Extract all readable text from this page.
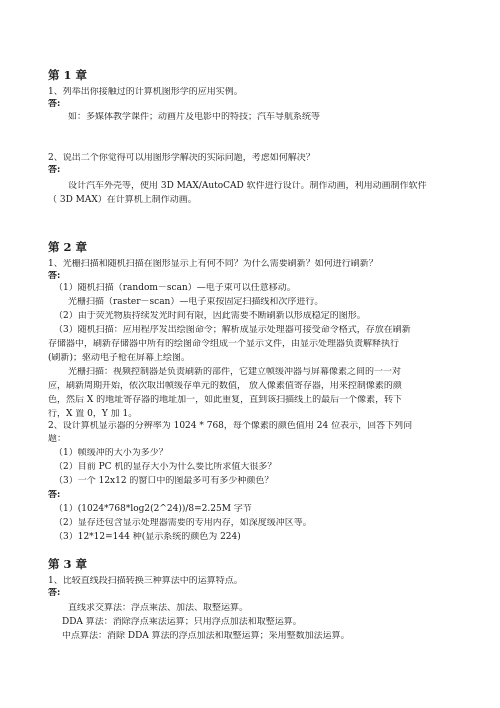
第 1 章
1、列举出你接触过的计算机图形学的应用实例。
答:
如：多媒体教学课件；动画片及电影中的特技；汽车导航系统等
2、说出二个你觉得可以用图形学解决的实际问题，考虑如何解决？
答:
设计汽车外壳等，使用 3D MAX/AutoCAD 软件进行设计。制作动画，利用动画制作软件
（ 3D MAX）在计算机上制作动画。
第 2 章
1、光栅扫描和随机扫描在图形显示上有何不同？为什么需要刷新？如何进行刷新？
答:
（1）随机扫描（random－scan）—电子束可以任意移动。
光栅扫描（raster－scan）—电子束按固定扫描线和次序进行。
（2）由于荧光物质持续发光时间有限，因此需要不断刷新以形成稳定的图形。
（3）随机扫描：应用程序发出绘图命令；解析成显示处理器可接受命令格式，存放在刷新
存储器中，刷新存储器中所有的绘图命令组成一个显示文件，由显示处理器负责解释执行
(刷新)；驱动电子枪在屏幕上绘图。
光栅扫描：视频控制器是负责刷新的部件，它建立帧缓冲器与屏幕像素之间的一一对
应，刷新周期开始，依次取出帧缓存单元的数值， 放入像素值寄存器，用来控制像素的颜
色，然后 X 的地址寄存器的地址加一，如此重复，直到该扫描线上的最后一个像素，转下
行，X 置 0，Y 加 1。
2、设计算机显示器的分辨率为 1024 * 768，每个像素的颜色值用 24 位表示，回答下列问
题：
（1）帧缓冲的大小为多少？
（2）目前 PC 机的显存大小为什么要比所求值大很多？
（3）一个 12x12 的窗口中的图最多可有多少种颜色？
答:
（1）(1024*768*log2(2^24))/8=2.25M 字节
（2）显存还包含显示处理器需要的专用内存，如深度缓冲区等。
（3）12*12=144 种(显示系统的颜色为 224)
第 3 章
1、比较直线段扫描转换三种算法中的运算特点。
答:
直线求交算法：浮点乘法、加法、取整运算。
DDA 算法：消除浮点乘法运算；只用浮点加法和取整运算。
中点算法：消除 DDA 算法的浮点加法和取整运算；采用整数加法运算。
